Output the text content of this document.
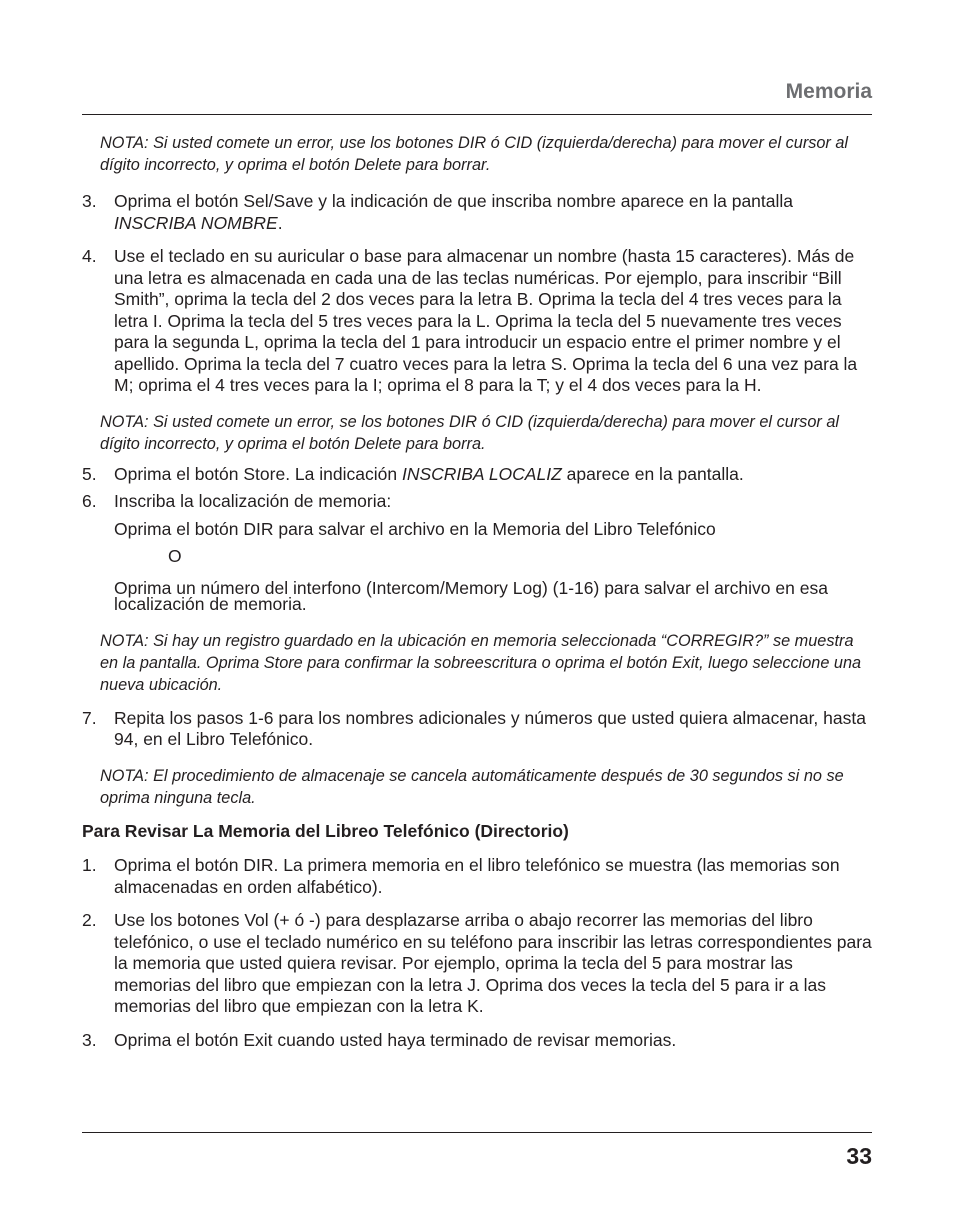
Memoria

NOTA: Si usted comete un error, use los botones DIR ó CID (izquierda/derecha) para mover el cursor al dígito incorrecto, y oprima el botón Delete para borrar.

3. Oprima el botón Sel/Save y la indicación de que inscriba nombre aparece en la pantalla INSCRIBA NOMBRE.
4. Use el teclado en su auricular o base para almacenar un nombre (hasta 15 caracteres). Más de una letra es almacenada en cada una de las teclas numéricas. Por ejemplo, para inscribir “Bill Smith”, oprima la tecla del 2 dos veces para la letra B. Oprima la tecla del 4 tres veces para la letra I. Oprima la tecla del 5 tres veces para la L. Oprima la tecla del 5 nuevamente tres veces para la segunda L, oprima la tecla del 1 para introducir un espacio entre el primer nombre y el apellido. Oprima la tecla del 7 cuatro veces para la letra S. Oprima la tecla del 6 una vez para la M; oprima el 4 tres veces para la I; oprima el 8 para la T; y el 4 dos veces para la H.

NOTA: Si usted comete un error, se los botones DIR ó CID (izquierda/derecha) para mover el cursor al dígito incorrecto, y oprima el botón Delete para borra.

5. Oprima el botón Store. La indicación INSCRIBA LOCALIZ aparece en la pantalla.
6. Inscriba la localización de memoria:
Oprima el botón DIR para salvar el archivo en la Memoria del Libro Telefónico
O
Oprima un número del interfono (Intercom/Memory Log) (1-16) para salvar el archivo en esa localización de memoria.

NOTA: Si hay un registro guardado en la ubicación en memoria seleccionada “CORREGIR?” se muestra en la pantalla. Oprima Store para confirmar la sobreescritura o oprima el botón Exit, luego seleccione una nueva ubicación.

7. Repita los pasos 1-6 para los nombres adicionales y números que usted quiera almacenar, hasta 94, en el Libro Telefónico.

NOTA: El procedimiento de almacenaje se cancela automáticamente después de 30 segundos si no se oprima ninguna tecla.

Para Revisar La Memoria del Libreo Telefónico (Directorio)
1. Oprima el botón DIR. La primera memoria en el libro telefónico se muestra (las memorias son almacenadas en orden alfabético).
2. Use los botones Vol (+ ó -) para desplazarse arriba o abajo recorrer las memorias del libro telefónico, o use el teclado numérico en su teléfono para inscribir las letras correspondientes para la memoria que usted quiera revisar. Por ejemplo, oprima la tecla del 5 para mostrar las memorias del libro que empiezan con la letra J. Oprima dos veces la tecla del 5 para ir a las memorias del libro que empiezan con la letra K.
3. Oprima el botón Exit cuando usted haya terminado de revisar memorias.
33
